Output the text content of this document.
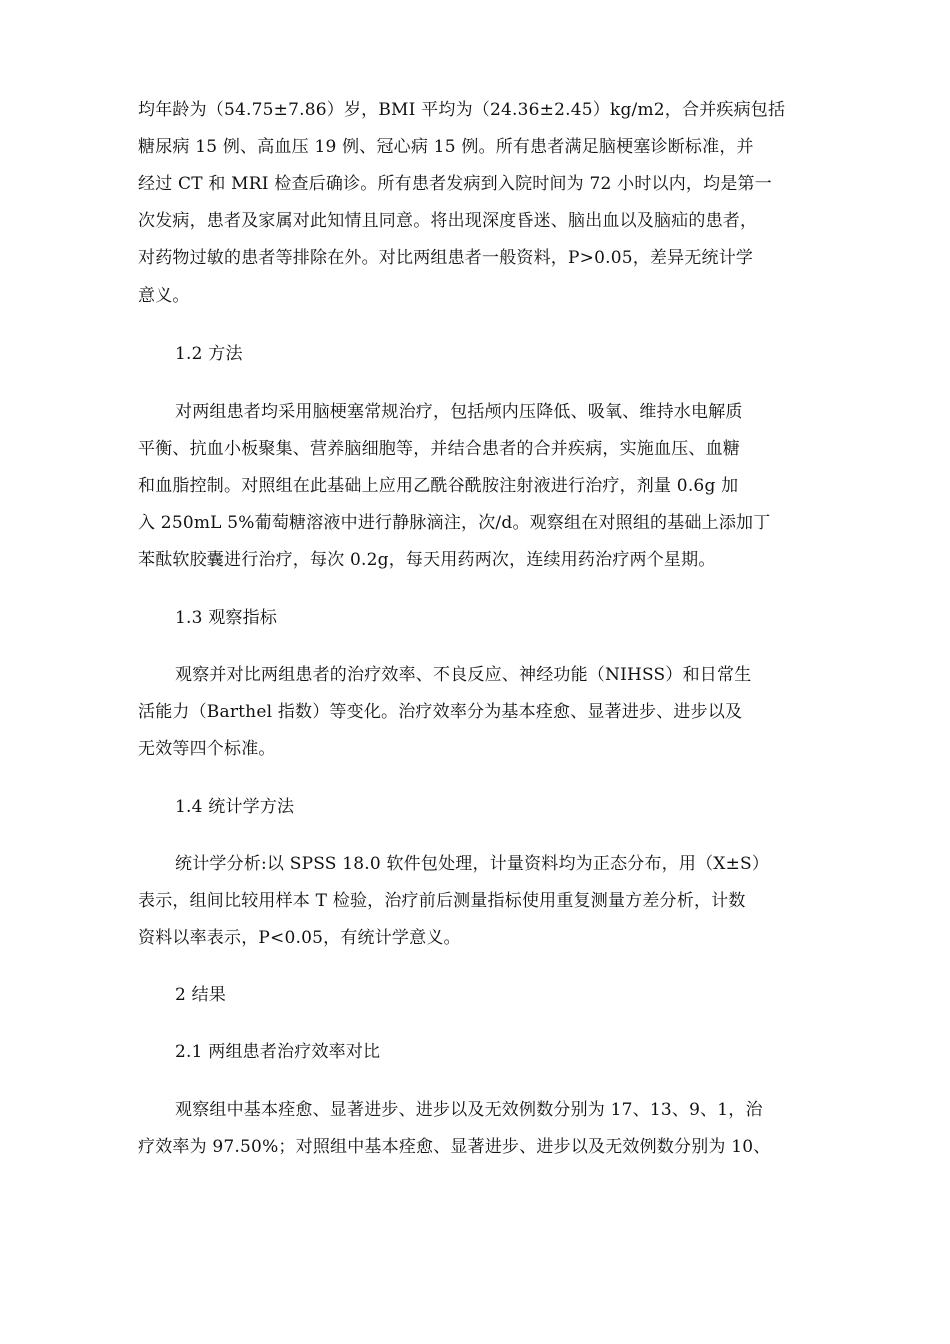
均年龄为（54.75±7.86）岁，BMI 平均为（24.36±2.45）kg/m2，合并疾病包括
糖尿病 15 例、高血压 19 例、冠心病 15 例。所有患者满足脑梗塞诊断标准，并
经过 CT 和 MRI 检查后确诊。所有患者发病到入院时间为 72 小时以内，均是第一
次发病，患者及家属对此知情且同意。将出现深度昏迷、脑出血以及脑疝的患者，
对药物过敏的患者等排除在外。对比两组患者一般资料，P>0.05，差异无统计学
意义。
1.2 方法
对两组患者均采用脑梗塞常规治疗，包括颅内压降低、吸氧、维持水电解质
平衡、抗血小板聚集、营养脑细胞等，并结合患者的合并疾病，实施血压、血糖
和血脂控制。对照组在此基础上应用乙酰谷酰胺注射液进行治疗，剂量 0.6g 加
入 250mL 5%葡萄糖溶液中进行静脉滴注，次/d。观察组在对照组的基础上添加丁
苯酞软胶囊进行治疗，每次 0.2g，每天用药两次，连续用药治疗两个星期。
1.3 观察指标
观察并对比两组患者的治疗效率、不良反应、神经功能（NIHSS）和日常生
活能力（Barthel 指数）等变化。治疗效率分为基本痊愈、显著进步、进步以及
无效等四个标准。
1.4 统计学方法
统计学分析:以 SPSS 18.0 软件包处理，计量资料均为正态分布，用（X±S）
表示，组间比较用样本 T 检验，治疗前后测量指标使用重复测量方差分析，计数
资料以率表示，P<0.05，有统计学意义。
2 结果
2.1 两组患者治疗效率对比
观察组中基本痊愈、显著进步、进步以及无效例数分别为 17、13、9、1，治
疗效率为 97.50%；对照组中基本痊愈、显著进步、进步以及无效例数分别为 10、
